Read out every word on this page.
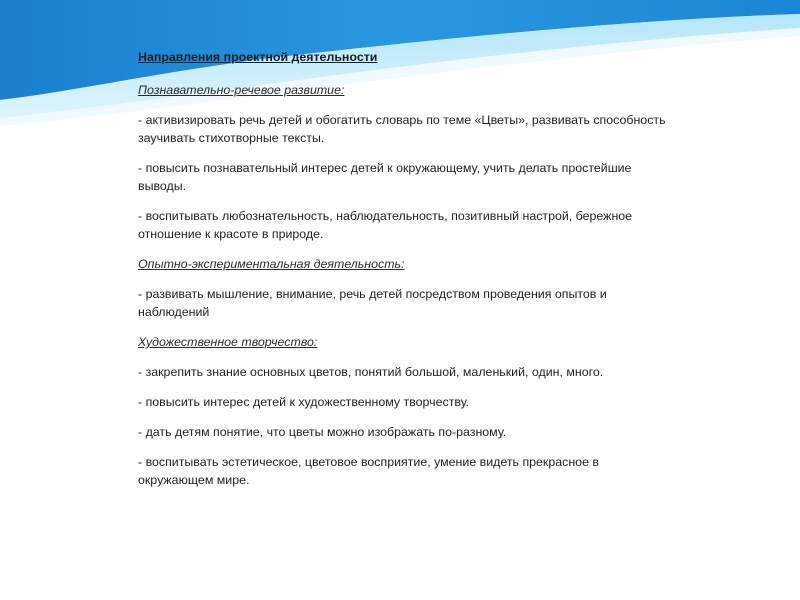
Направления проектной деятельности
Познавательно-речевое развитие:
- активизировать речь детей и обогатить словарь по теме «Цветы», развивать способность заучивать стихотворные тексты.
- повысить познавательный интерес детей к окружающему, учить делать простейшие выводы.
- воспитывать любознательность, наблюдательность, позитивный настрой, бережное отношение к красоте в природе.
Опытно-экспериментальная деятельность:
- развивать мышление, внимание, речь детей посредством проведения опытов и наблюдений
Художественное творчество:
- закрепить знание основных цветов, понятий большой, маленький, один, много.
- повысить интерес детей к художественному творчеству.
- дать детям понятие, что цветы можно изображать по-разному.
- воспитывать эстетическое, цветовое восприятие, умение видеть прекрасное в окружающем мире.
